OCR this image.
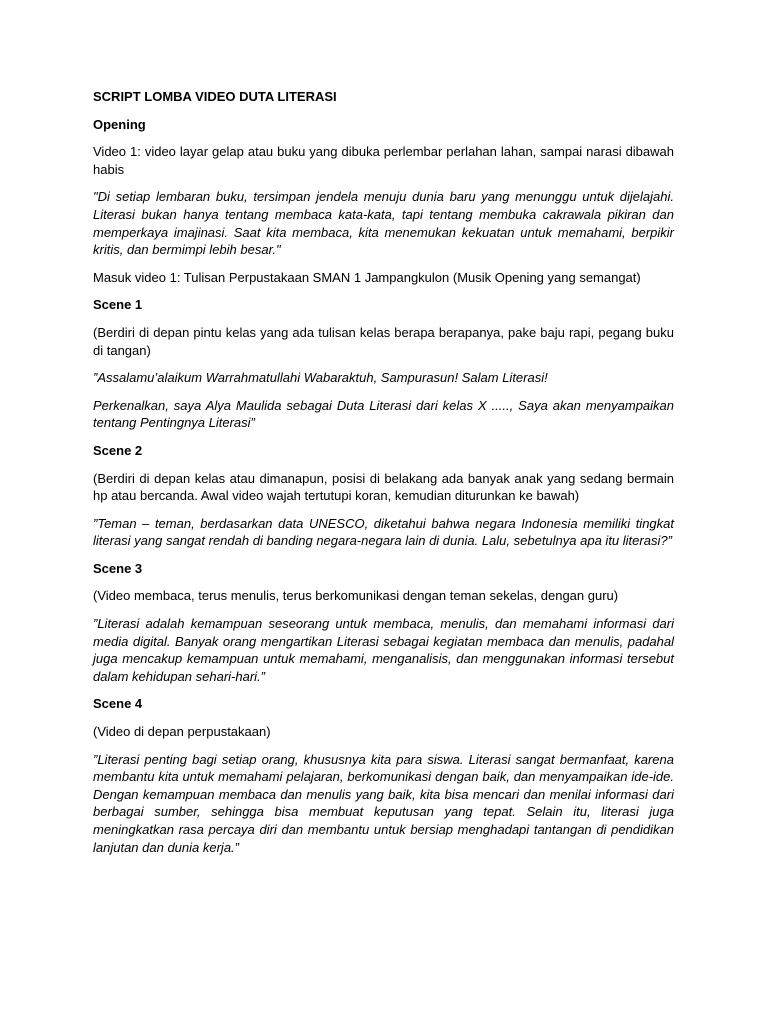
SCRIPT LOMBA VIDEO DUTA LITERASI
Opening
Video 1: video layar gelap atau buku yang dibuka perlembar perlahan lahan, sampai narasi dibawah habis
"Di setiap lembaran buku, tersimpan jendela menuju dunia baru yang menunggu untuk dijelajahi. Literasi bukan hanya tentang membaca kata-kata, tapi tentang membuka cakrawala pikiran dan memperkaya imajinasi. Saat kita membaca, kita menemukan kekuatan untuk memahami, berpikir kritis, dan bermimpi lebih besar."
Masuk video 1: Tulisan Perpustakaan SMAN 1 Jampangkulon (Musik Opening yang semangat)
Scene 1
(Berdiri di depan pintu kelas yang ada tulisan kelas berapa berapanya, pake baju rapi, pegang buku di tangan)
”Assalamu’alaikum Warrahmatullahi Wabaraktuh, Sampurasun! Salam Literasi!
Perkenalkan, saya Alya Maulida sebagai Duta Literasi dari kelas X ....., Saya akan menyampaikan tentang Pentingnya Literasi”
Scene 2
(Berdiri di depan kelas atau dimanapun, posisi di belakang ada banyak anak yang sedang bermain hp atau bercanda. Awal video wajah tertutupi koran, kemudian diturunkan ke bawah)
”Teman – teman, berdasarkan data UNESCO, diketahui bahwa negara Indonesia memiliki tingkat literasi yang sangat rendah di banding negara-negara lain di dunia. Lalu, sebetulnya apa itu literasi?”
Scene 3
(Video membaca, terus menulis, terus berkomunikasi dengan teman sekelas, dengan guru)
”Literasi adalah kemampuan seseorang untuk membaca, menulis, dan memahami informasi dari media digital. Banyak orang mengartikan Literasi sebagai kegiatan membaca dan menulis, padahal juga mencakup kemampuan untuk memahami, menganalisis, dan menggunakan informasi tersebut dalam kehidupan sehari-hari.”
Scene 4
(Video di depan perpustakaan)
”Literasi penting bagi setiap orang, khususnya kita para siswa. Literasi sangat bermanfaat, karena membantu kita untuk memahami pelajaran, berkomunikasi dengan baik, dan menyampaikan ide-ide. Dengan kemampuan membaca dan menulis yang baik, kita bisa mencari dan menilai informasi dari berbagai sumber, sehingga bisa membuat keputusan yang tepat. Selain itu, literasi juga meningkatkan rasa percaya diri dan membantu untuk bersiap menghadapi tantangan di pendidikan lanjutan dan dunia kerja.”
